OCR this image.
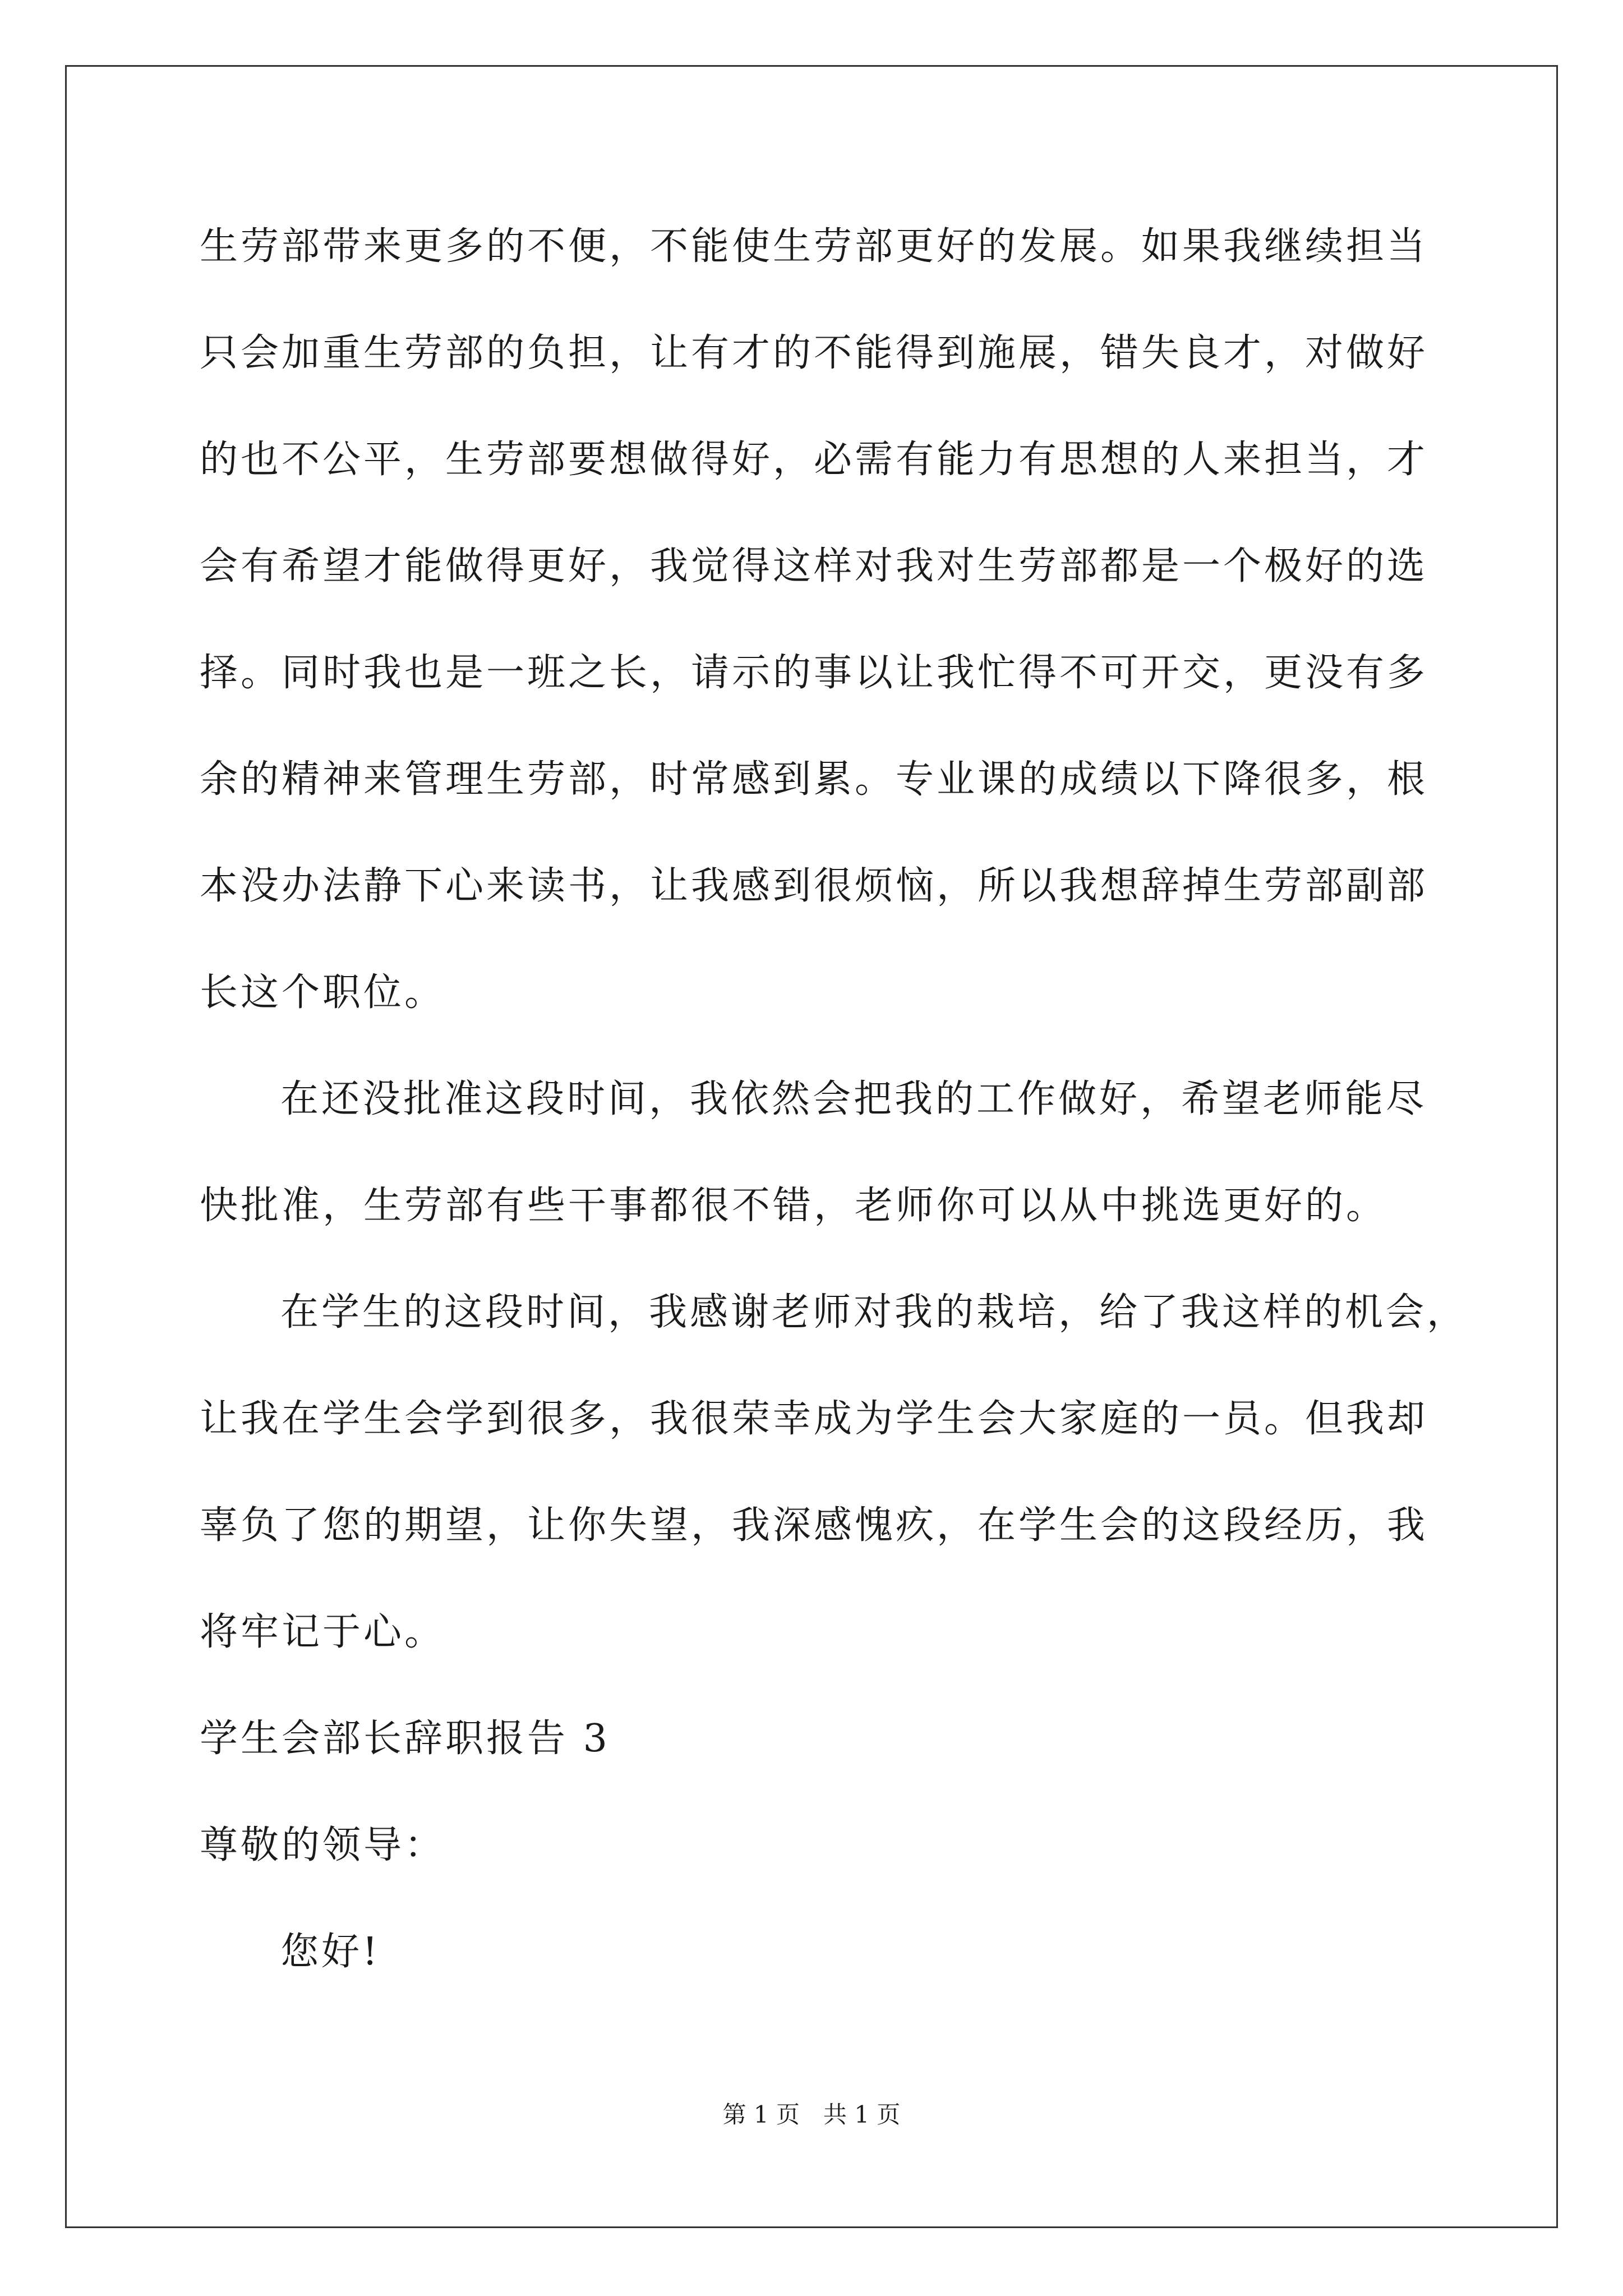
生劳部带来更多的不便，不能使生劳部更好的发展。如果我继续担当
只会加重生劳部的负担，让有才的不能得到施展，错失良才，对做好
的也不公平，生劳部要想做得好，必需有能力有思想的人来担当，才
会有希望才能做得更好，我觉得这样对我对生劳部都是一个极好的选
择。同时我也是一班之长，请示的事以让我忙得不可开交，更没有多
余的精神来管理生劳部，时常感到累。专业课的成绩以下降很多，根
本没办法静下心来读书，让我感到很烦恼，所以我想辞掉生劳部副部
长这个职位。
在还没批准这段时间，我依然会把我的工作做好，希望老师能尽
快批准，生劳部有些干事都很不错，老师你可以从中挑选更好的。
在学生的这段时间，我感谢老师对我的栽培，给了我这样的机会，
让我在学生会学到很多，我很荣幸成为学生会大家庭的一员。但我却
辜负了您的期望，让你失望，我深感愧疚，在学生会的这段经历，我
将牢记于心。
学生会部长辞职报告 3
尊敬的领导：
您好!
第 1 页　共 1 页
